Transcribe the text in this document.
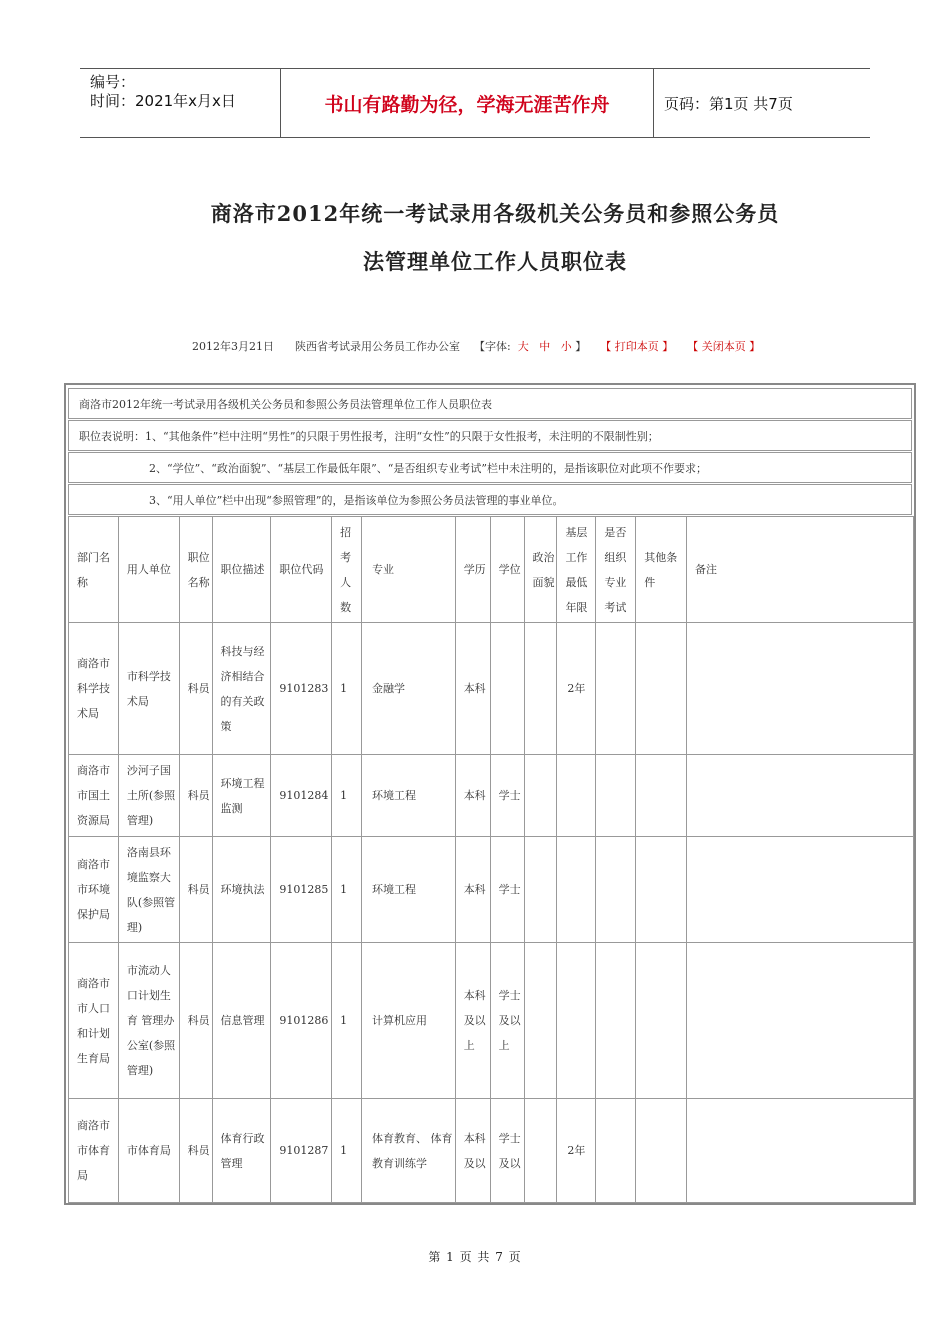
编号：
时间：2021年x月x日	书山有路勤为径，学海无涯苦作舟	页码：第1页 共7页
商洛市2012年统一考试录用各级机关公务员和参照公务员
法管理单位工作人员职位表
2012年3月21日 陕西省考试录用公务员工作办公室 【字体: 大 中 小 】 【 打印本页 】 【 关闭本页 】
商洛市2012年统一考试录用各级机关公务员和参照公务员法管理单位工作人员职位表
职位表说明：1、“其他条件”栏中注明“男性”的只限于男性报考，注明“女性”的只限于女性报考，未注明的不限制性别；
2、“学位”、“政治面貌”、“基层工作最低年限”、“是否组织专业考试”栏中未注明的，是指该职位对此项不作要求；
3、“用人单位”栏中出现“参照管理”的，是指该单位为参照公务员法管理的事业单位。
部门名称	用人单位	职位名称	职位描述	职位代码	招考人数	专业	学历	学位	政治面貌	基层工作最低年限	是否组织专业考试	其他条件	备注
商洛市科学技术局	市科学技术局	科员	科技与经济相结合的有关政策	9101283	1	金融学	本科			2年			
商洛市市国土资源局	沙河子国土所(参照管理)	科员	环境工程监测	9101284	1	环境工程	本科	学士					
商洛市市环境保护局	洛南县环境监察大队(参照管理)	科员	环境执法	9101285	1	环境工程	本科	学士					
商洛市市人口和计划生育局	市流动人口计划生育 管理办公室(参照管理)	科员	信息管理	9101286	1	计算机应用	本科及以上	学士及以上					
商洛市市体育局	市体育局	科员	体育行政管理	9101287	1	体育教育、 体育教育训练学	本科及以	学士及以		2年			
第 1 页 共 7 页
